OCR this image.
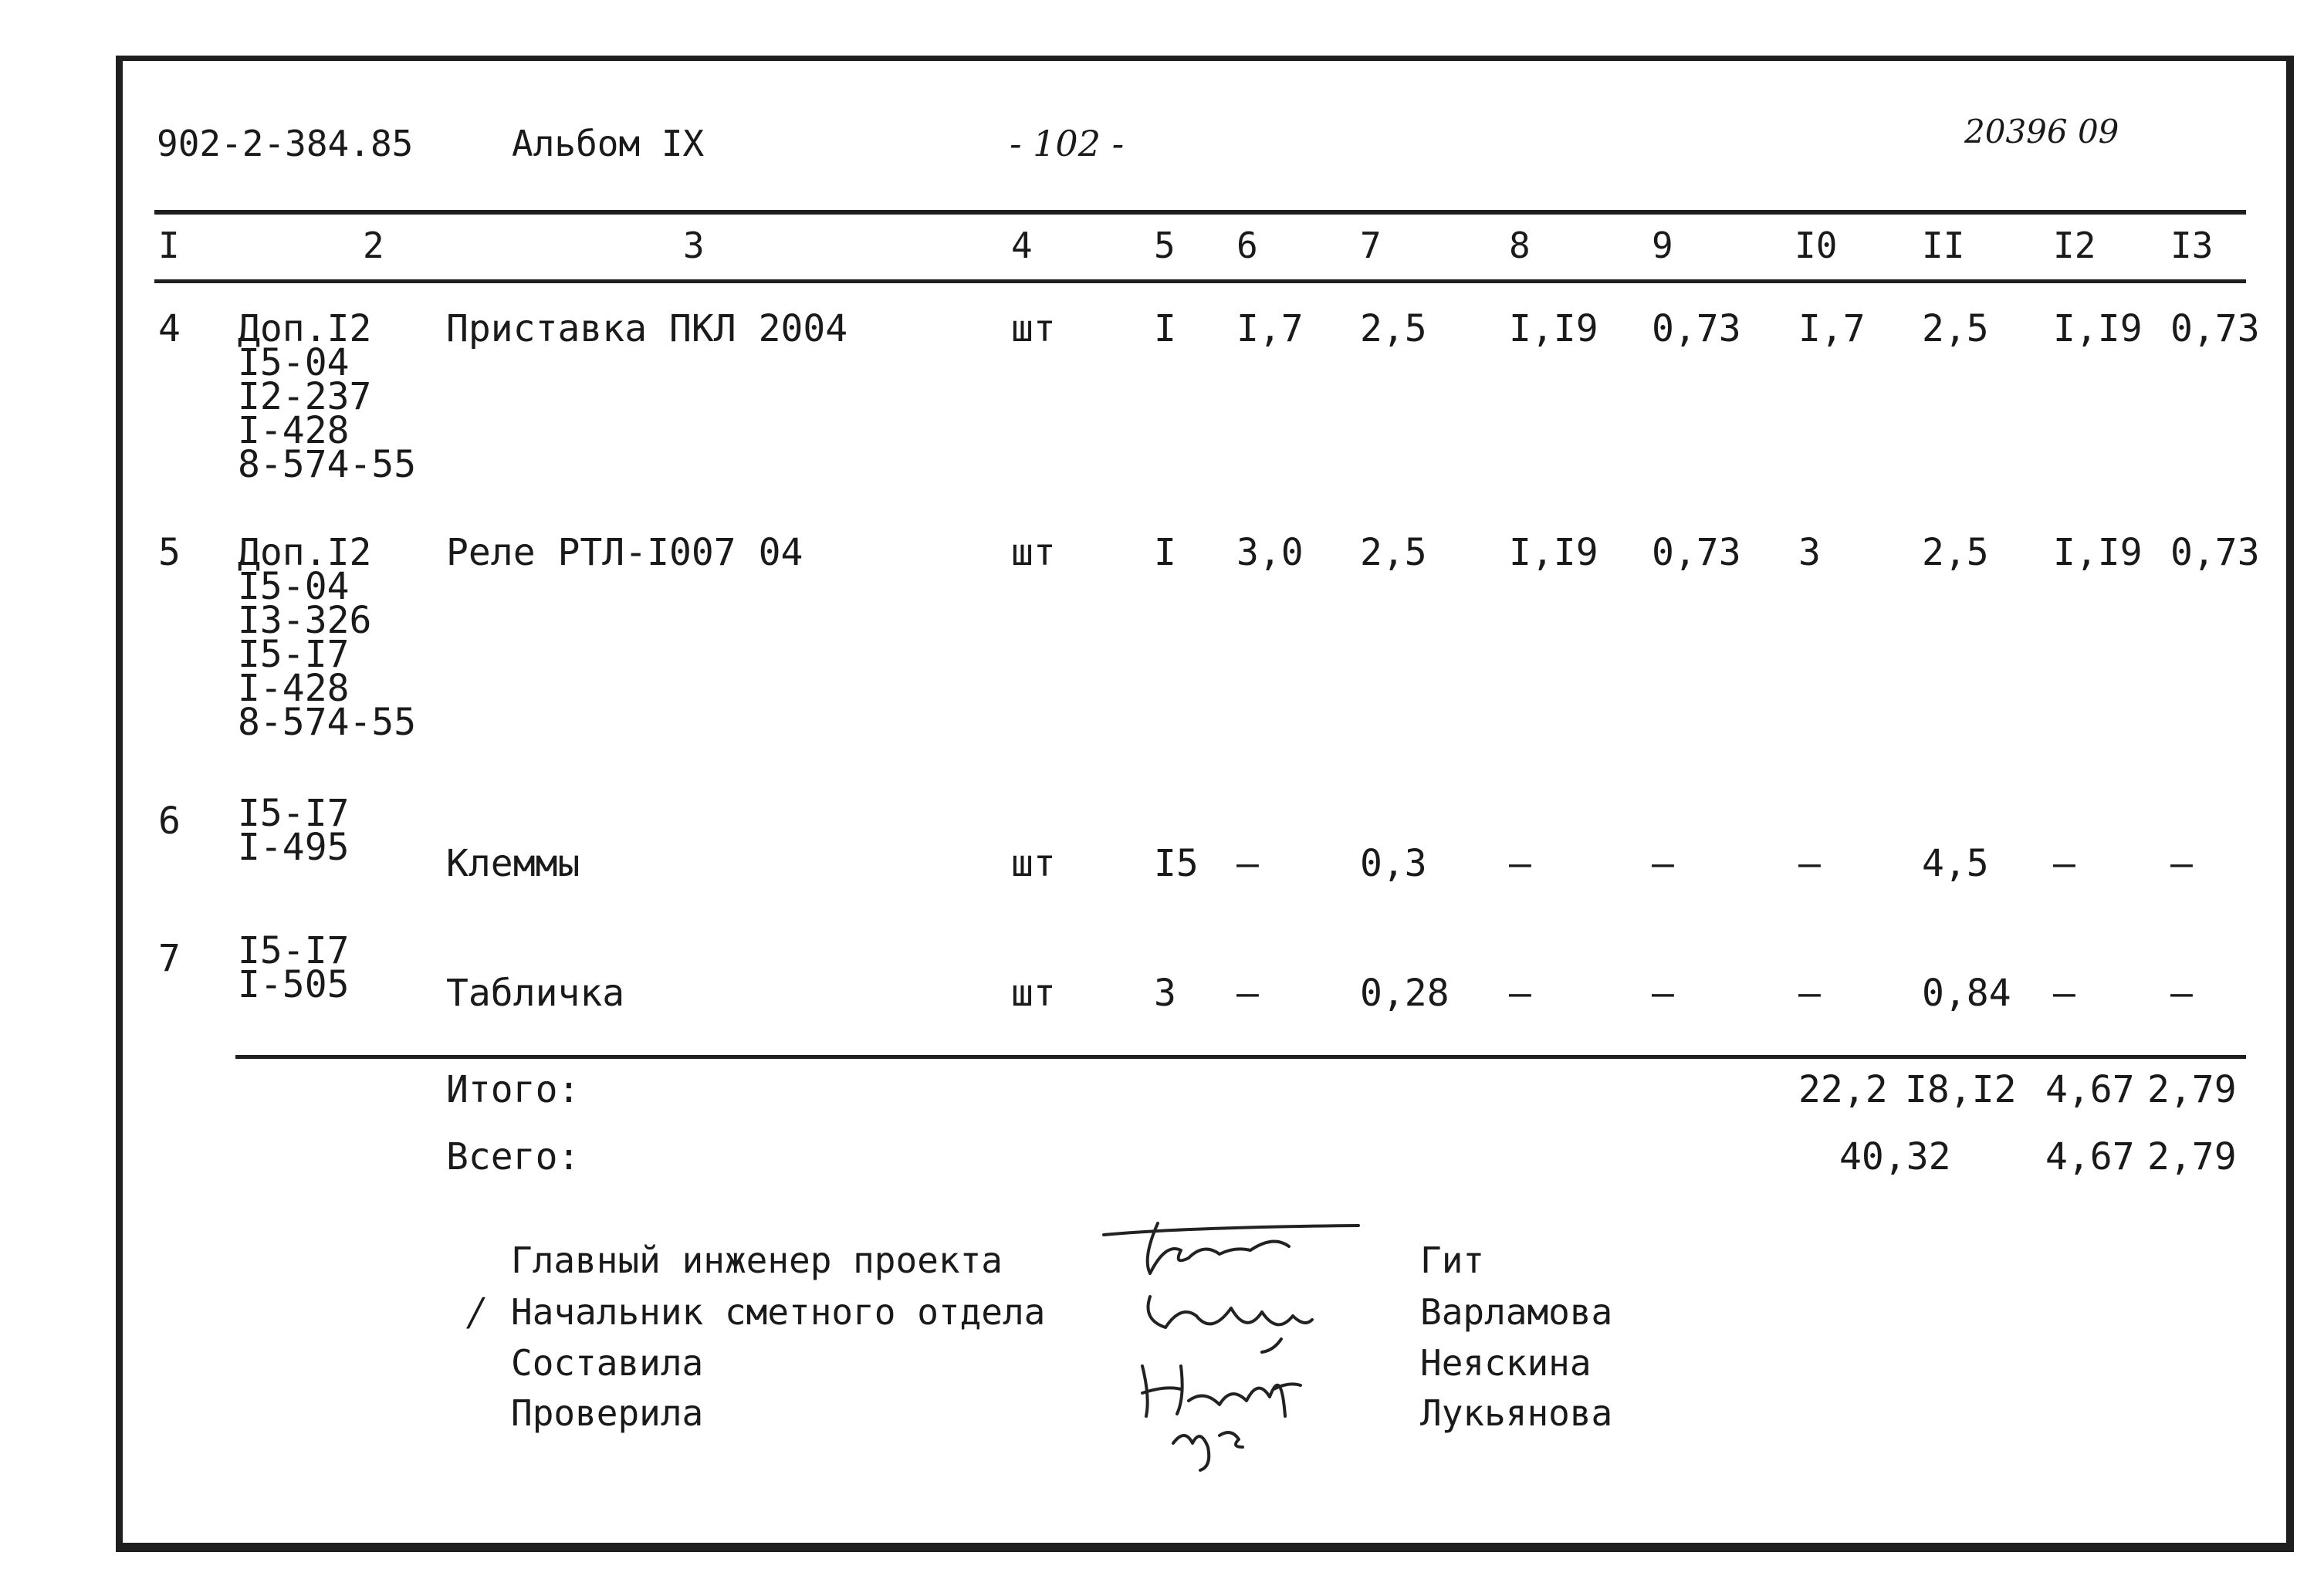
902-2-384.85	Альбом IX	- 102 -	20396 09
I	2	3	4	5 6	7	8	9	I0 II I2 I3
4 Доп.I2
I5-04
I2-237
I-428
8-574-55
Приставка ПКЛ 2004	шт	I I,7 2,5 I,I9 0,73 I,7 2,5 I,I9 0,73
5 Доп.I2
I5-04
I3-326
I5-I7
I-428
8-574-55
Реле РТЛ-I007 04	шт	I 3,0 2,5 I,I9 0,73 3	2,5 I,I9 0,73
6 I5-I7
I-495	Клеммы	шт	I5 –	0,3 –	–	–	4,5 –	–
7 I5-I7
I-505	Табличка	шт	3 –	0,28 –	–	–	0,84 –	–
Итого:	22,2 I8,I2 4,67 2,79
Всего:	40,32	4,67 2,79
Главный инженер проекта	Гит
/ Начальник сметного отдела	Варламова
Составила	Неяскина
Проверила	Лукьянова
